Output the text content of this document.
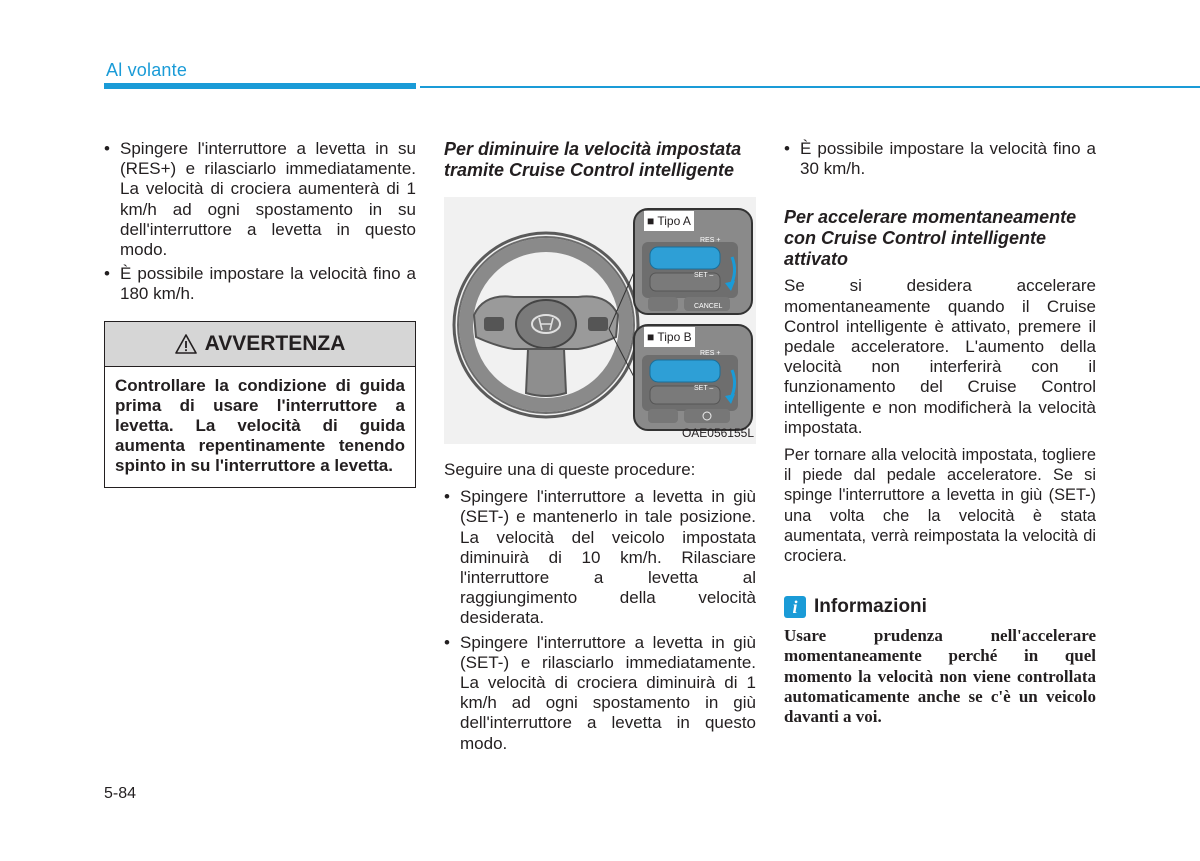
Al volante
• Spingere l'interruttore a levetta in su (RES+) e rilasciarlo immediatamente. La velocità di crociera aumenterà di 1 km/h ad ogni spostamento in su dell'interruttore a levetta in questo modo.
• È possibile impostare la velocità fino a 180 km/h.
AVVERTENZA
Controllare la condizione di guida prima di usare l'interruttore a levetta. La velocità di guida aumenta repentinamente tenendo spinto in su l'interruttore a levetta.
Per diminuire la velocità impostata tramite Cruise Control intelligente
RES +
SET –
CANCEL
RES +
SET –
■ Tipo A
■ Tipo B
OAE056155L
Seguire una di queste procedure:
• Spingere l'interruttore a levetta in giù (SET-) e mantenerlo in tale posizione. La velocità del veicolo impostata diminuirà di 10 km/h. Rilasciare l'interruttore a levetta al raggiungimento della velocità desiderata.
• Spingere l'interruttore a levetta in giù (SET-) e rilasciarlo immediatamente. La velocità di crociera diminuirà di 1 km/h ad ogni spostamento in giù dell'interruttore a levetta in questo modo.
• È possibile impostare la velocità fino a 30 km/h.
Per accelerare momentaneamente con Cruise Control intelligente attivato
Se si desidera accelerare momentaneamente quando il Cruise Control intelligente è attivato, premere il pedale acceleratore. L'aumento della velocità non interferirà con il funzionamento del Cruise Control intelligente e non modificherà la velocità impostata.
Per tornare alla velocità impostata, togliere il piede dal pedale acceleratore. Se si spinge l'interruttore a levetta in giù (SET-) una volta che la velocità è stata aumentata, verrà reimpostata la velocità di crociera.
i Informazioni
Usare prudenza nell'accelerare momentaneamente perché in quel momento la velocità non viene controllata automaticamente anche se c'è un veicolo davanti a voi.
5-84
